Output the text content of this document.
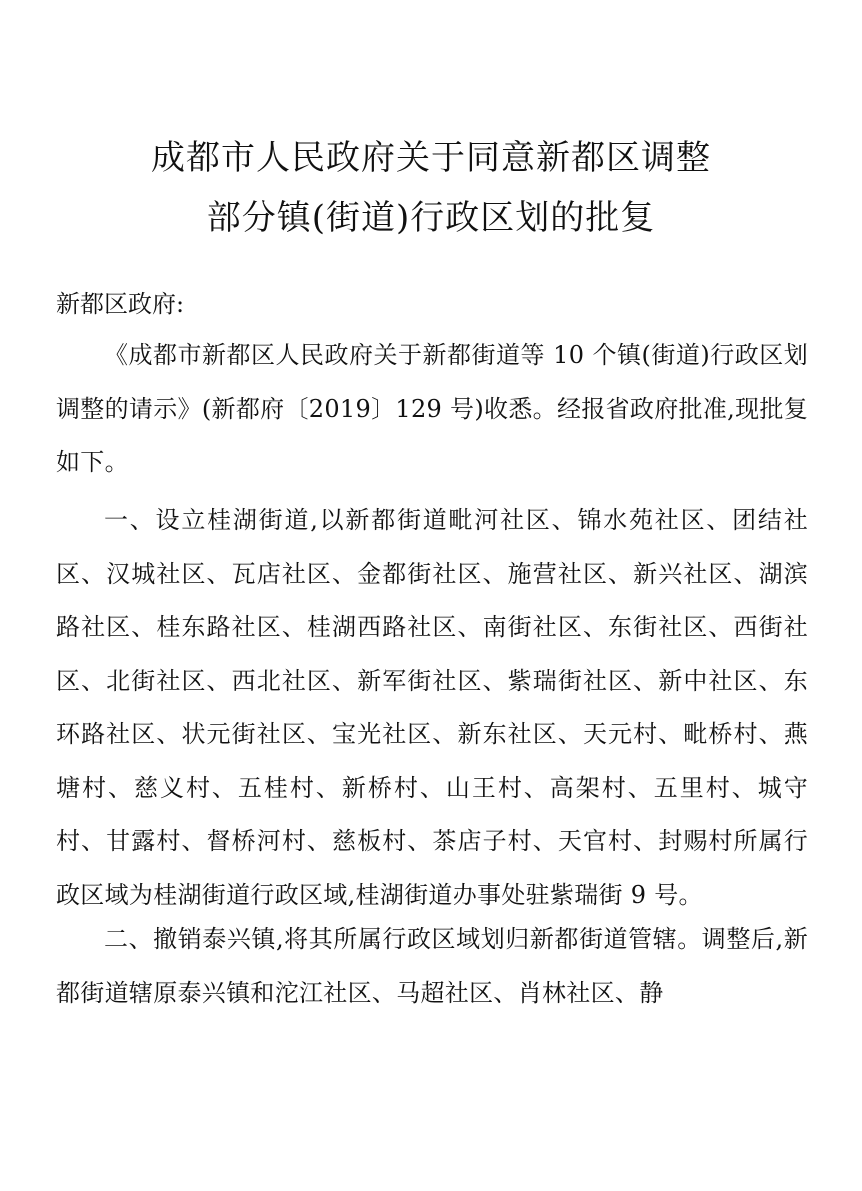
成都市人民政府关于同意新都区调整
部分镇(街道)行政区划的批复
新都区政府:
《成都市新都区人民政府关于新都街道等 10 个镇(街道)行政区划调整的请示》(新都府〔2019〕129 号)收悉。经报省政府批准,现批复如下。
一、设立桂湖街道,以新都街道毗河社区、锦水苑社区、团结社区、汉城社区、瓦店社区、金都街社区、施营社区、新兴社区、湖滨路社区、桂东路社区、桂湖西路社区、南街社区、东街社区、西街社区、北街社区、西北社区、新军街社区、紫瑞街社区、新中社区、东环路社区、状元街社区、宝光社区、新东社区、天元村、毗桥村、燕塘村、慈义村、五桂村、新桥村、山王村、高架村、五里村、城守村、甘露村、督桥河村、慈板村、茶店子村、天官村、封赐村所属行政区域为桂湖街道行政区域,桂湖街道办事处驻紫瑞街 9 号。
二、撤销泰兴镇,将其所属行政区域划归新都街道管辖。调整后,新都街道辖原泰兴镇和沱江社区、马超社区、肖林社区、静
